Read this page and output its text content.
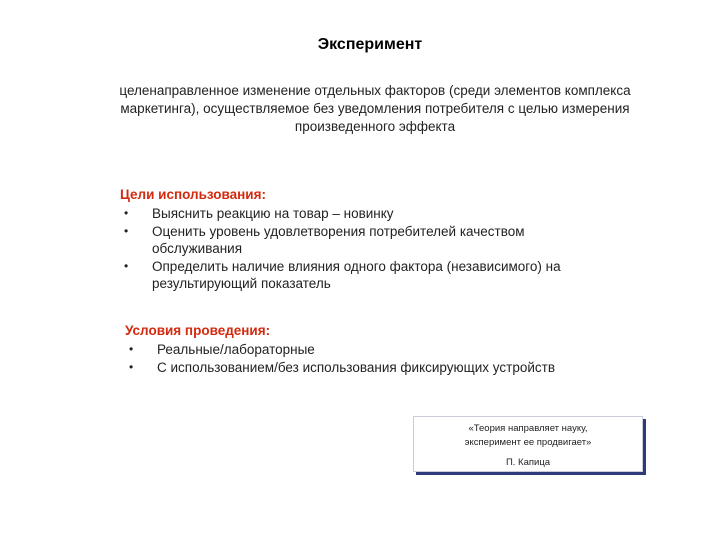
Эксперимент
целенаправленное изменение отдельных факторов (среди элементов комплекса маркетинга), осуществляемое без уведомления потребителя с целью измерения произведенного эффекта
Цели использования:
• Выяснить реакцию на товар – новинку
• Оценить уровень удовлетворения потребителей качеством обслуживания
• Определить наличие влияния одного фактора (независимого) на результирующий показатель
Условия проведения:
• Реальные/лабораторные
• С использованием/без использования фиксирующих устройств
«Теория направляет науку,
эксперимент ее продвигает»
П. Капица
